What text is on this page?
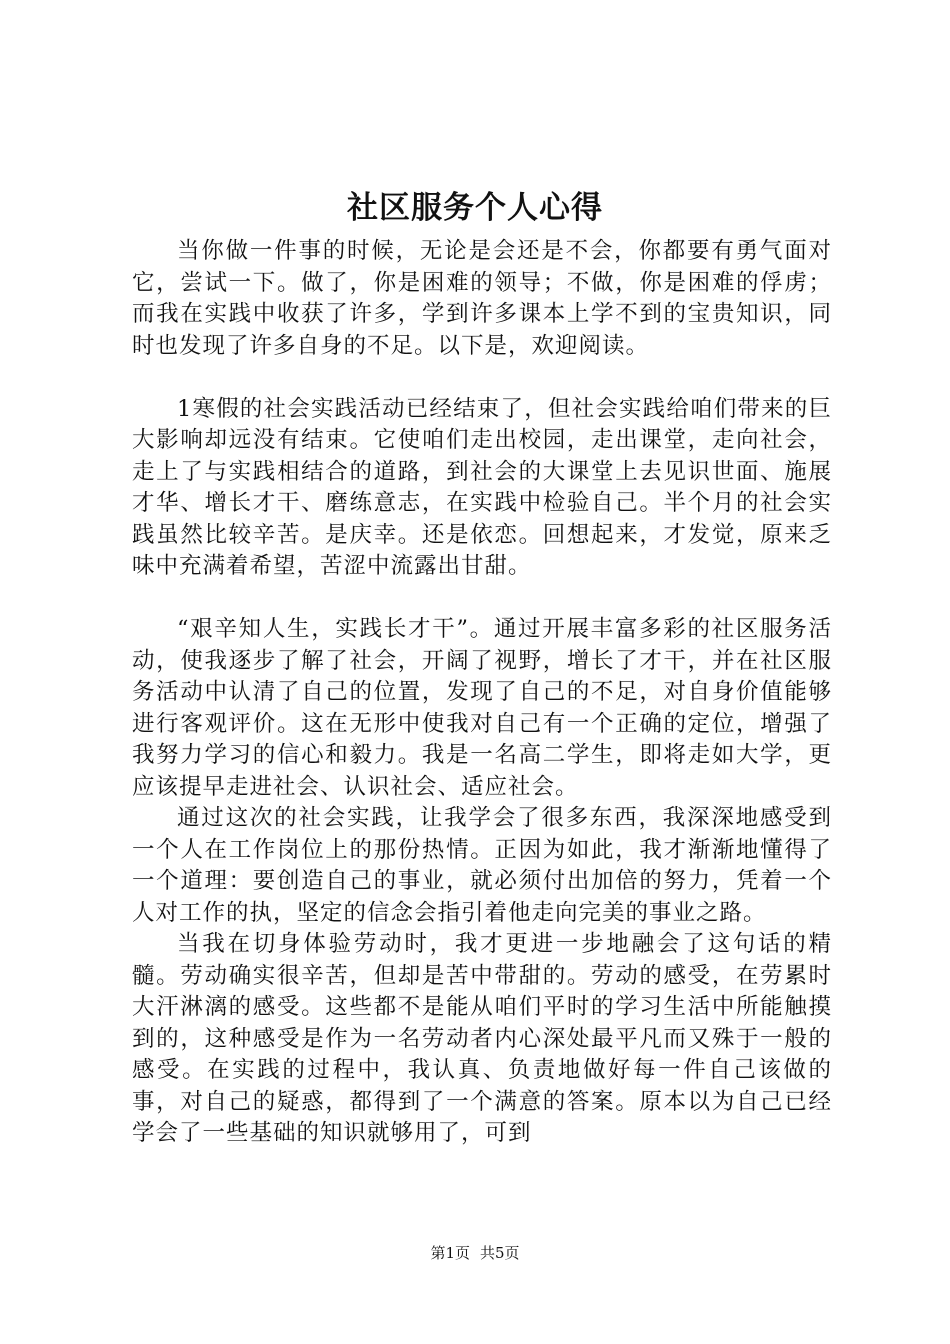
社区服务个人心得

当你做一件事的时候，无论是会还是不会，你都要有勇气面对它，尝试一下。做了，你是困难的领导；不做，你是困难的俘虏；而我在实践中收获了许多，学到许多课本上学不到的宝贵知识，同时也发现了许多自身的不足。以下是，欢迎阅读。

1寒假的社会实践活动已经结束了，但社会实践给咱们带来的巨大影响却远没有结束。它使咱们走出校园，走出课堂，走向社会，走上了与实践相结合的道路，到社会的大课堂上去见识世面、施展才华、增长才干、磨练意志，在实践中检验自己。半个月的社会实践虽然比较辛苦。是庆幸。还是依恋。回想起来，才发觉，原来乏味中充满着希望，苦涩中流露出甘甜。

“艰辛知人生，实践长才干”。通过开展丰富多彩的社区服务活动，使我逐步了解了社会，开阔了视野，增长了才干，并在社区服务活动中认清了自己的位置，发现了自己的不足，对自身价值能够进行客观评价。这在无形中使我对自己有一个正确的定位，增强了我努力学习的信心和毅力。我是一名高二学生，即将走如大学，更应该提早走进社会、认识社会、适应社会。

通过这次的社会实践，让我学会了很多东西，我深深地感受到一个人在工作岗位上的那份热情。正因为如此，我才渐渐地懂得了一个道理：要创造自己的事业，就必须付出加倍的努力，凭着一个人对工作的执，坚定的信念会指引着他走向完美的事业之路。

当我在切身体验劳动时，我才更进一步地融会了这句话的精髓。劳动确实很辛苦，但却是苦中带甜的。劳动的感受，在劳累时大汗淋漓的感受。这些都不是能从咱们平时的学习生活中所能触摸到的，这种感受是作为一名劳动者内心深处最平凡而又殊于一般的感受。在实践的过程中，我认真、负责地做好每一件自己该做的事，对自己的疑惑，都得到了一个满意的答案。原本以为自己已经学会了一些基础的知识就够用了，可到

第1页 共5页
